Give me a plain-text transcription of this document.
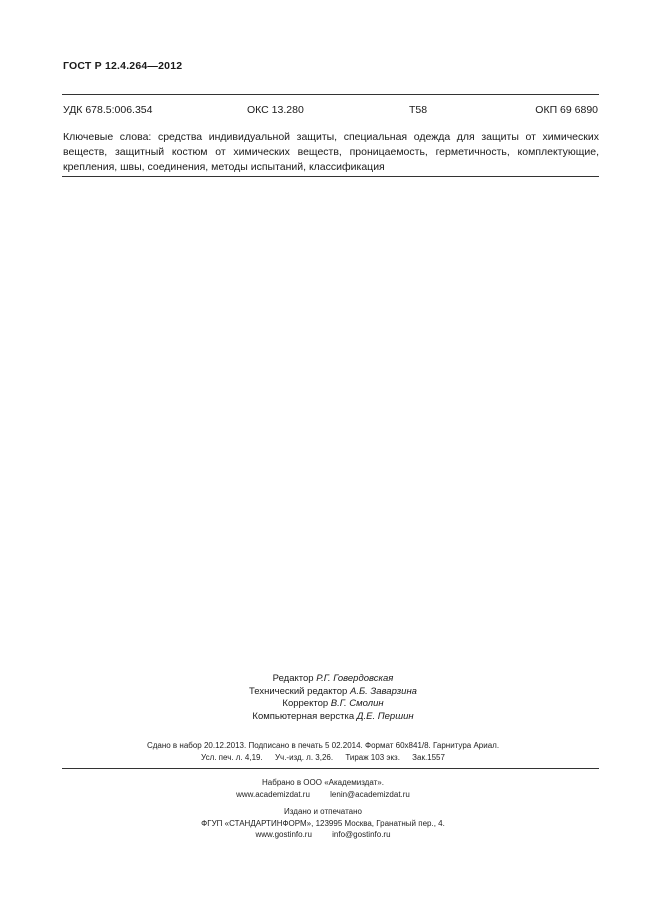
ГОСТ Р 12.4.264—2012
УДК 678.5:006.354	ОКС 13.280	Т58	ОКП 69 6890
Ключевые слова: средства индивидуальной защиты, специальная одежда для защиты от химических веществ, защитный костюм от химических веществ, проницаемость, герметичность, комплектующие, крепления, швы, соединения, методы испытаний, классификация
Редактор Р.Г. Говердовская
Технический редактор А.Б. Заварзина
Корректор В.Г. Смолин
Компьютерная верстка Д.Е. Першин
Сдано в набор 20.12.2013. Подписано в печать 5 02.2014. Формат 60х841/8. Гарнитура Ариал.
Усл. печ. л. 4,19. Уч.-изд. л. 3,26. Тираж 103 экз. Зак.1557
Набрано в ООО «Академиздат».
www.academizdat.ru	lenin@academizdat.ru
Издано и отпечатано
ФГУП «СТАНДАРТИНФОРМ», 123995 Москва, Гранатный пер., 4.
www.gostinfo.ru	info@gostinfo.ru
